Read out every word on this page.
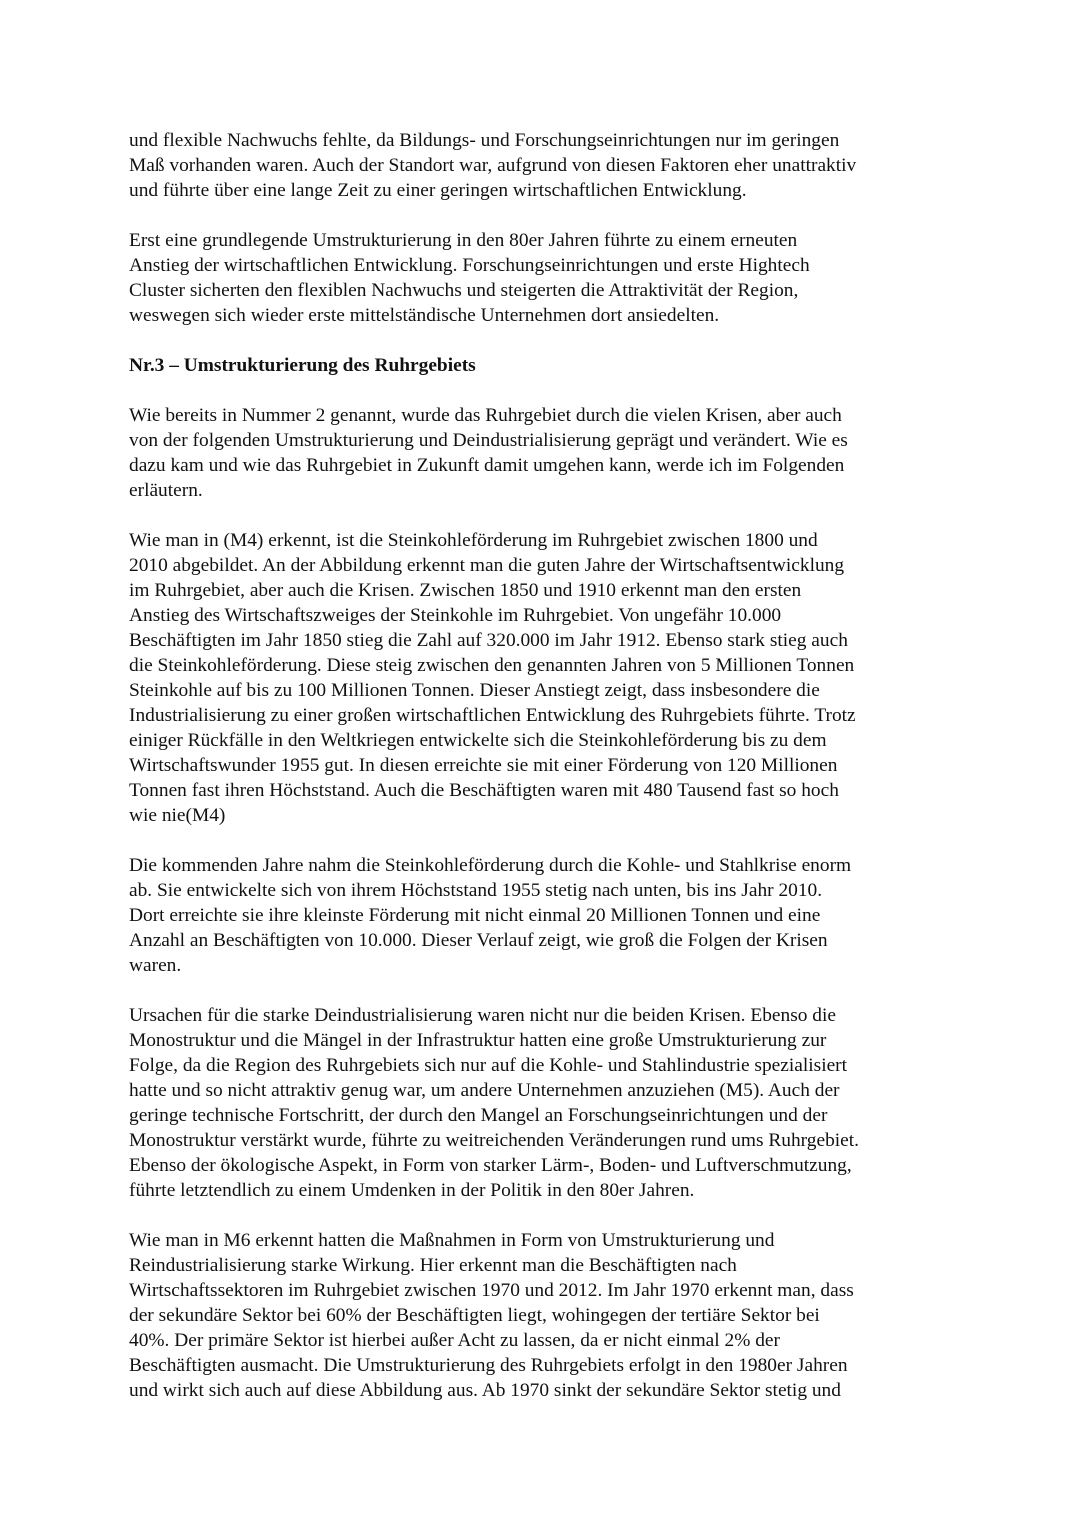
und flexible Nachwuchs fehlte, da Bildungs- und Forschungseinrichtungen nur im geringen
Maß vorhanden waren. Auch der Standort war, aufgrund von diesen Faktoren eher unattraktiv
und führte über eine lange Zeit zu einer geringen wirtschaftlichen Entwicklung.
Erst eine grundlegende Umstrukturierung in den 80er Jahren führte zu einem erneuten
Anstieg der wirtschaftlichen Entwicklung. Forschungseinrichtungen und erste Hightech
Cluster sicherten den flexiblen Nachwuchs und steigerten die Attraktivität der Region,
weswegen sich wieder erste mittelständische Unternehmen dort ansiedelten.
Nr.3 – Umstrukturierung des Ruhrgebiets
Wie bereits in Nummer 2 genannt, wurde das Ruhrgebiet durch die vielen Krisen, aber auch
von der folgenden Umstrukturierung und Deindustrialisierung geprägt und verändert. Wie es
dazu kam und wie das Ruhrgebiet in Zukunft damit umgehen kann, werde ich im Folgenden
erläutern.
Wie man in (M4) erkennt, ist die Steinkohleförderung im Ruhrgebiet zwischen 1800 und
2010 abgebildet. An der Abbildung erkennt man die guten Jahre der Wirtschaftsentwicklung
im Ruhrgebiet, aber auch die Krisen. Zwischen 1850 und 1910 erkennt man den ersten
Anstieg des Wirtschaftszweiges der Steinkohle im Ruhrgebiet. Von ungefähr 10.000
Beschäftigten im Jahr 1850 stieg die Zahl auf 320.000 im Jahr 1912. Ebenso stark stieg auch
die Steinkohleförderung. Diese steig zwischen den genannten Jahren von 5 Millionen Tonnen
Steinkohle auf bis zu 100 Millionen Tonnen. Dieser Anstiegt zeigt, dass insbesondere die
Industrialisierung zu einer großen wirtschaftlichen Entwicklung des Ruhrgebiets führte. Trotz
einiger Rückfälle in den Weltkriegen entwickelte sich die Steinkohleförderung bis zu dem
Wirtschaftswunder 1955 gut. In diesen erreichte sie mit einer Förderung von 120 Millionen
Tonnen fast ihren Höchststand. Auch die Beschäftigten waren mit 480 Tausend fast so hoch
wie nie(M4)
Die kommenden Jahre nahm die Steinkohleförderung durch die Kohle- und Stahlkrise enorm
ab. Sie entwickelte sich von ihrem Höchststand 1955 stetig nach unten, bis ins Jahr 2010.
Dort erreichte sie ihre kleinste Förderung mit nicht einmal 20 Millionen Tonnen und eine
Anzahl an Beschäftigten von 10.000. Dieser Verlauf zeigt, wie groß die Folgen der Krisen
waren.
Ursachen für die starke Deindustrialisierung waren nicht nur die beiden Krisen. Ebenso die
Monostruktur und die Mängel in der Infrastruktur hatten eine große Umstrukturierung zur
Folge, da die Region des Ruhrgebiets sich nur auf die Kohle- und Stahlindustrie spezialisiert
hatte und so nicht attraktiv genug war, um andere Unternehmen anzuziehen (M5). Auch der
geringe technische Fortschritt, der durch den Mangel an Forschungseinrichtungen und der
Monostruktur verstärkt wurde, führte zu weitreichenden Veränderungen rund ums Ruhrgebiet.
Ebenso der ökologische Aspekt, in Form von starker Lärm-, Boden- und Luftverschmutzung,
führte letztendlich zu einem Umdenken in der Politik in den 80er Jahren.
Wie man in M6 erkennt hatten die Maßnahmen in Form von Umstrukturierung und
Reindustrialisierung starke Wirkung. Hier erkennt man die Beschäftigten nach
Wirtschaftssektoren im Ruhrgebiet zwischen 1970 und 2012. Im Jahr 1970 erkennt man, dass
der sekundäre Sektor bei 60% der Beschäftigten liegt, wohingegen der tertiäre Sektor bei
40%. Der primäre Sektor ist hierbei außer Acht zu lassen, da er nicht einmal 2% der
Beschäftigten ausmacht. Die Umstrukturierung des Ruhrgebiets erfolgt in den 1980er Jahren
und wirkt sich auch auf diese Abbildung aus. Ab 1970 sinkt der sekundäre Sektor stetig und
